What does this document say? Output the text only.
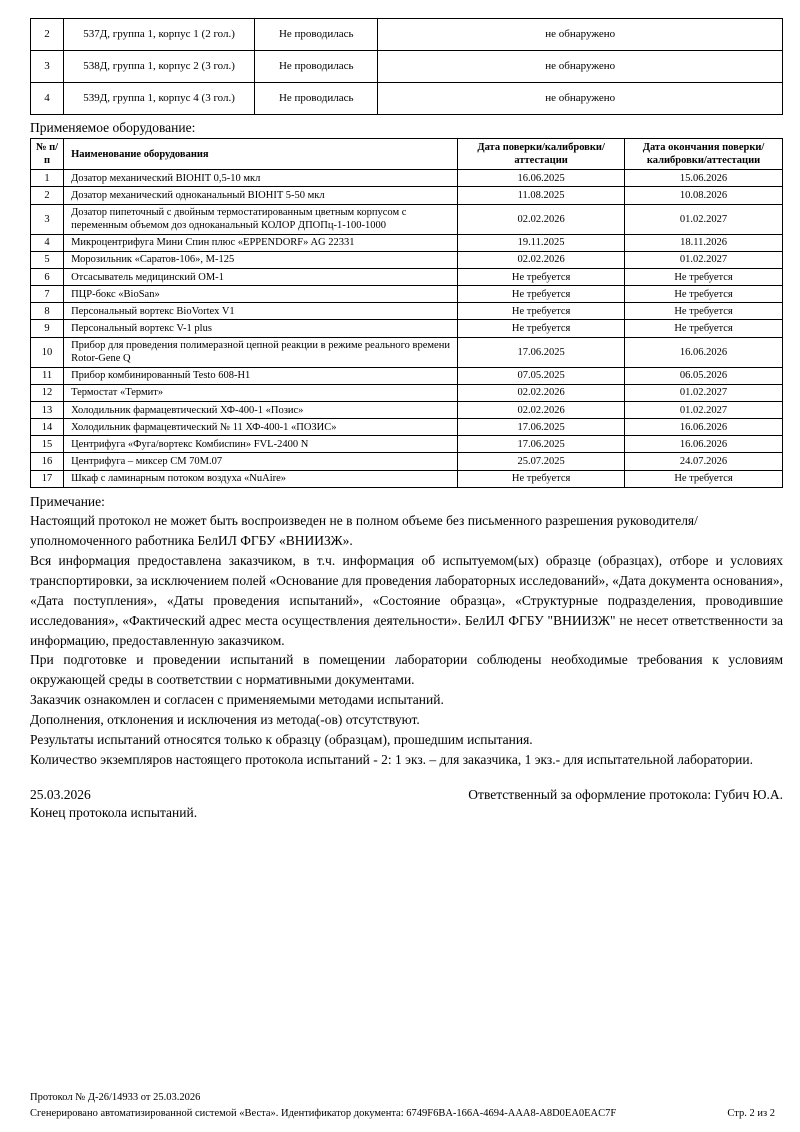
2	537Д, группа 1, корпус 1 (2 гол.)	Не проводилась	не обнаружено
3	538Д, группа 1, корпус 2 (3 гол.)	Не проводилась	не обнаружено
4	539Д, группа 1, корпус 4 (3 гол.)	Не проводилась	не обнаружено
Применяемое оборудование:
№ п/п	Наименование оборудования	Дата поверки/калибровки/аттестации	Дата окончания поверки/калибровки/аттестации
1	Дозатор механический BIOHIT 0,5-10 мкл	16.06.2025	15.06.2026
2	Дозатор механический одноканальный BIOHIT 5-50 мкл	11.08.2025	10.08.2026
3	Дозатор пипеточный с двойным термостатированным цветным корпусом с переменным объемом доз одноканальный КОЛОР ДПОПц-1-100-1000	02.02.2026	01.02.2027
4	Микроцентрифуга Мини Спин плюс «EPPENDORF» AG 22331	19.11.2025	18.11.2026
5	Морозильник «Саратов-106», М-125	02.02.2026	01.02.2027
6	Отсасыватель медицинский ОМ-1	Не требуется	Не требуется
7	ПЦР-бокс «BioSan»	Не требуется	Не требуется
8	Персональный вортекс BioVortex V1	Не требуется	Не требуется
9	Персональный вортекс V-1 plus	Не требуется	Не требуется
10	Прибор для проведения полимеразной цепной реакции в режиме реального времени Rotor-Gene Q	17.06.2025	16.06.2026
11	Прибор комбинированный Testo 608-H1	07.05.2025	06.05.2026
12	Термостат «Термит»	02.02.2026	01.02.2027
13	Холодильник фармацевтический ХФ-400-1 «Позис»	02.02.2026	01.02.2027
14	Холодильник фармацевтический № 11 ХФ-400-1 «ПОЗИС»	17.06.2025	16.06.2026
15	Центрифуга «Фуга/вортекс Комбиспин» FVL-2400 N	17.06.2025	16.06.2026
16	Центрифуга – миксер СМ 70М.07	25.07.2025	24.07.2026
17	Шкаф с ламинарным потоком воздуха «NuAire»	Не требуется	Не требуется

Примечание:

Настоящий протокол не может быть воспроизведен не в полном объеме без письменного разрешения руководителя/уполномоченного работника БелИЛ ФГБУ «ВНИИЗЖ».

Вся информация предоставлена заказчиком, в т.ч. информация об испытуемом(ых) образце (образцах), отборе и условиях транспортировки, за исключением полей «Основание для проведения лабораторных исследований», «Дата документа основания», «Дата поступления», «Даты проведения испытаний», «Состояние образца», «Структурные подразделения, проводившие исследования», «Фактический адрес места осуществления деятельности». БелИЛ ФГБУ "ВНИИЗЖ" не несет ответственности за информацию, предоставленную заказчиком.

При подготовке и проведении испытаний в помещении лаборатории соблюдены необходимые требования к условиям окружающей среды в соответствии с нормативными документами.

Заказчик ознакомлен и согласен с применяемыми методами испытаний.

Дополнения, отклонения и исключения из метода(-ов) отсутствуют.

Результаты испытаний относятся только к образцу (образцам), прошедшим испытания.

Количество экземпляров настоящего протокола испытаний - 2: 1 экз. – для заказчика, 1 экз.- для испытательной лаборатории.

25.03.2026	Ответственный за оформление протокола: Губич Ю.А.
Конец протокола испытаний.
Протокол № Д-26/14933 от 25.03.2026
Сгенерировано автоматизированной системой «Веста». Идентификатор документа: 6749F6BA-166A-4694-AAA8-A8D0EA0EAC7F	Стр. 2 из 2
